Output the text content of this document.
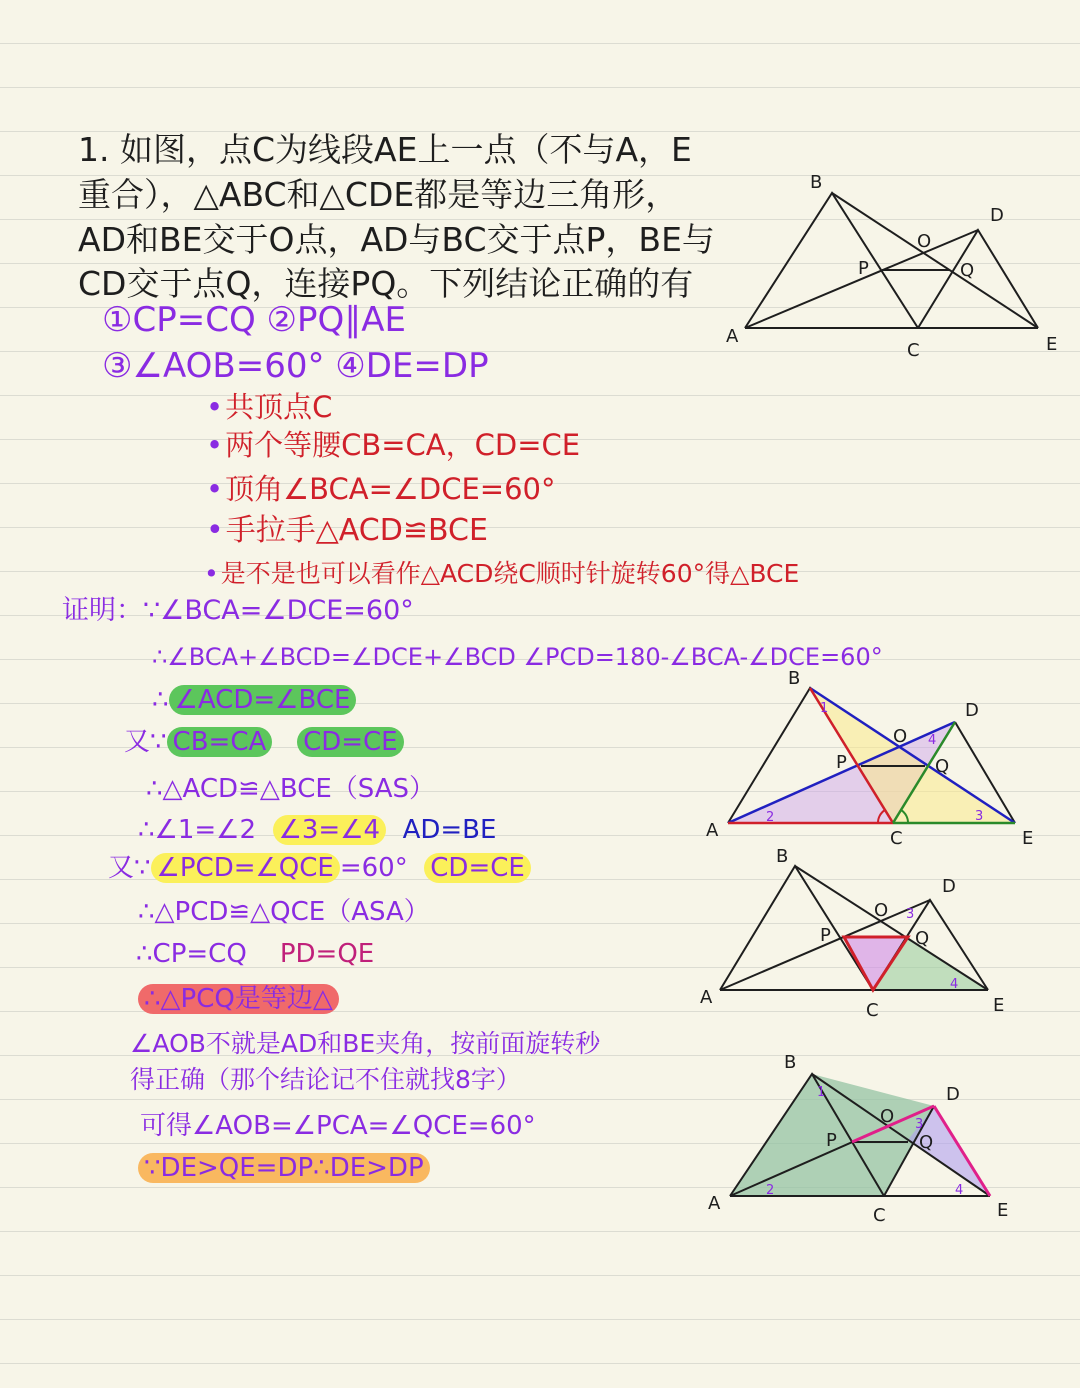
1. 如图，点C为线段AE上一点（不与A，E
重合），△ABC和△CDE都是等边三角形，
AD和BE交于O点，AD与BC交于点P，BE与
CD交于点Q，连接PQ。下列结论正确的有
①CP=CQ ②PQ∥AE
③∠AOB=60° ④DE=DP
•共顶点C
•两个等腰CB=CA，CD=CE
•顶角∠BCA=∠DCE=60°
•手拉手△ACD≌BCE
•是不是也可以看作△ACD绕C顺时针旋转60°得△BCE
证明：∵∠BCA=∠DCE=60°
∴∠BCA+∠BCD=∠DCE+∠BCD ∠PCD=180-∠BCA-∠DCE=60°
∴ ∠ACD=∠BCE
又∵ CB=CA CD=CE
∴△ACD≌△BCE（SAS）
∴∠1=∠2 ∠3=∠4 AD=BE
又∵ ∠PCD=∠QCE =60° CD=CE
∴△PCD≌△QCE（ASA）
∴CP=CQ PD=QE
∴△PCQ是等边△
∠AOB不就是AD和BE夹角，按前面旋转秒
得正确（那个结论记不住就找8字）
可得∠AOB=∠PCA=∠QCE=60°
∵DE>QE=DP∴DE>DP
B
D
O
P	Q
A
C	E
B
D
O
P	Q
A	C	E
1
2	3
4
B
D
O
P	Q
A
C	E
3
4
B
D
O
P	Q
A
C	E
1
2
3
4
